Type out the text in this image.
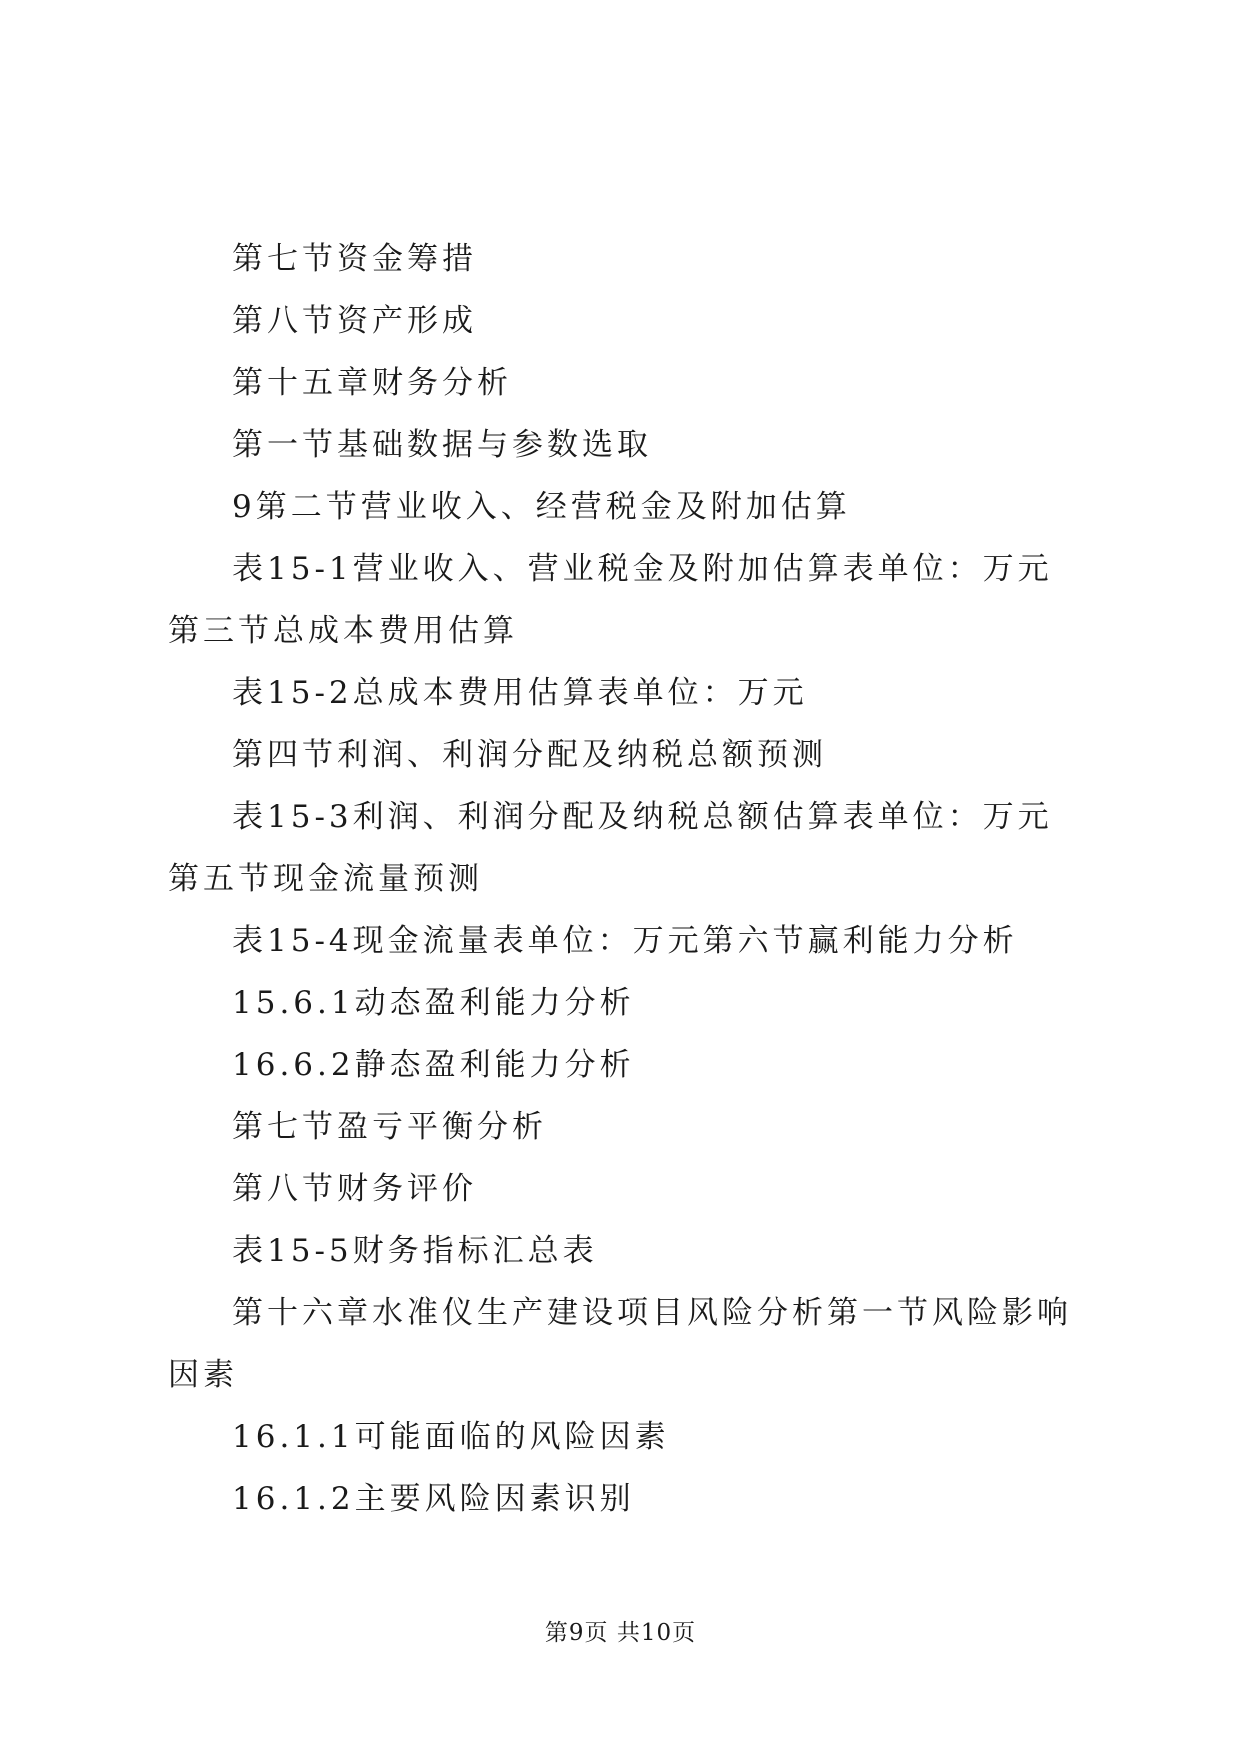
第七节资金筹措

第八节资产形成

第十五章财务分析

第一节基础数据与参数选取

9第二节营业收入、经营税金及附加估算

表15-1营业收入、营业税金及附加估算表单位：万元第三节总成本费用估算

表15-2总成本费用估算表单位：万元

第四节利润、利润分配及纳税总额预测

表15-3利润、利润分配及纳税总额估算表单位：万元第五节现金流量预测

表15-4现金流量表单位：万元第六节赢利能力分析

15.6.1动态盈利能力分析

16.6.2静态盈利能力分析

第七节盈亏平衡分析

第八节财务评价

表15-5财务指标汇总表

第十六章水准仪生产建设项目风险分析第一节风险影响因素

16.1.1可能面临的风险因素

16.1.2主要风险因素识别

第9页 共10页
